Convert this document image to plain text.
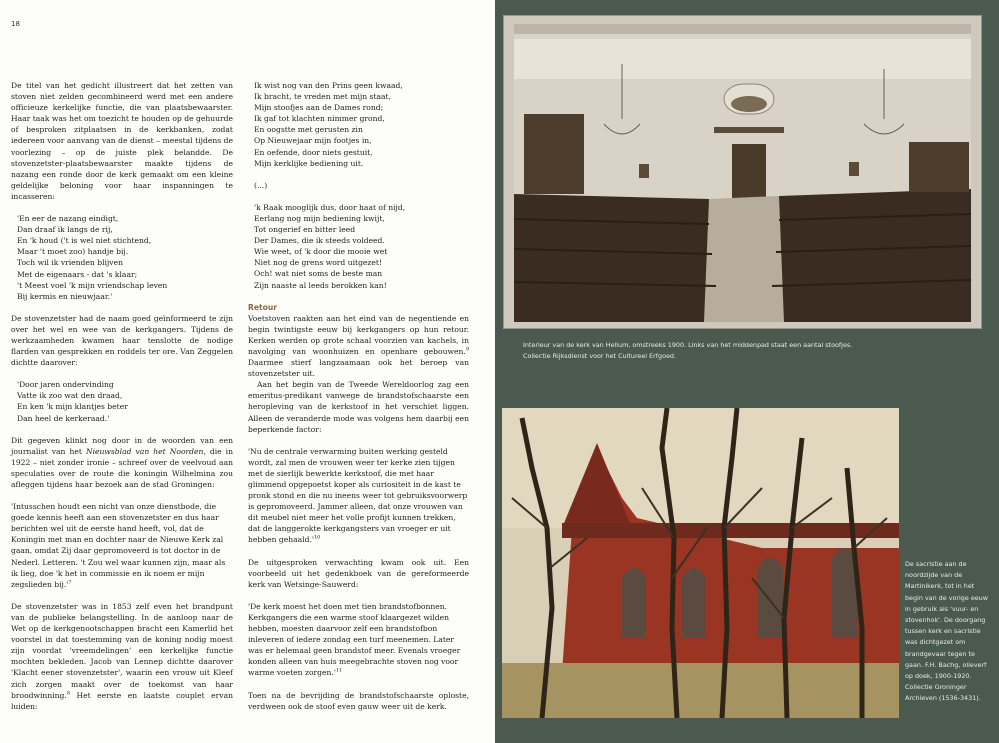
18

De titel van het gedicht illustreert dat het zetten van stoven niet zelden gecombineerd werd met een andere officieuze kerkelijke functie, die van plaatsbewaarster. Haar taak was het om toezicht te houden op de gehuurde of besproken zitplaatsen in de kerkbanken, zodat iedereen voor aanvang van de dienst – meestal tijdens de voorlezing – op de juiste plek belandde. De stovenzetster-plaatsbewaarster maakte tijdens de nazang een ronde door de kerk gemaakt om een kleine geldelijke beloning voor haar inspanningen te incasseren:

'En eer de nazang eindigt,
Dan draaf ik langs de rij,
En 'k houd ('t is wel niet stichtend,
Maar 't moet zoo) handje bij.
Toch wil ik vrienden blijven
Met de eigenaars - dat 's klaar;
't Meest voel 'k mijn vriendschap leven
Bij kermis en nieuwjaar.'

De stovenzetster had de naam goed geïnformeerd te zijn over het wel en wee van de kerkgangers. Tijdens de werkzaamheden kwamen haar tenslotte de nodige flarden van gesprekken en roddels ter ore. Van Zeggelen dichtte daarover:

'Door jaren ondervinding
Vatte ik zoo wat den draad,
En ken 'k mijn klantjes beter
Dan heel de kerkeraad.'

Dit gegeven klinkt nog door in de woorden van een journalist van het Nieuwsblad van het Noorden, die in 1922 – niet zonder ironie – schreef over de veelvoud aan speculaties over de route die koningin Wilhelmina zou afleggen tijdens haar bezoek aan de stad Groningen:

'Intusschen houdt een nicht van onze dienstbode, die goede kennis heeft aan een stovenzetster en dus haar berichten wel uit de eerste hand heeft, vol, dat de Koningin met man en dochter naar de Nieuwe Kerk zal gaan, omdat Zij daar gepromoveerd is tot doctor in de Nederl. Letteren. 't Zou wel waar kunnen zijn, maar als ik lieg, doe 'k het in commissie en ik noem er mijn zegslieden bij.'$^7$

De stovenzetster was in 1853 zelf even het brandpunt van de publieke belangstelling. In de aanloop naar de Wet op de kerkgenootschappen bracht een Kamerlid het voorstel in dat toestemming van de koning nodig moest zijn voordat 'vreemdelingen' een kerkelijke functie mochten bekleden. Jacob van Lennep dichtte daarover 'Klacht eener stovenzetster', waarin een vrouw uit Kleef zich zorgen maakt over de toekomst van haar broodwinning.$^8$ Het eerste en laatste couplet ervan luiden:

Ik wist nog van den Prins geen kwaad,
Ik bracht, te vreden met mijn staat,
Mijn stoofjes aan de Dames rond;
Ik gaf tot klachten nimmer grond,
En oogstte met gerusten zin
Op Nieuwejaar mijn footjes in,
En oefende, door niets gestuit,
Mijn kerklijke bediening uit.
(...)
'k Raak mooglijk dus, door haat of nijd,
Eerlang nog mijn bediening kwijt,
Tot ongerief en bitter leed
Der Dames, die ik steeds voldeed.
Wie weet, of 'k door die mooie wet
Niet nog de grens word uitgezet!
Och! wat niet soms de beste man
Zijn naaste al leeds berokken kan!
Retour

Voetstoven raakten aan het eind van de negentiende en begin twintigste eeuw bij kerkgangers op hun retour. Kerken werden op grote schaal voorzien van kachels, in navolging van woonhuizen en openbare gebouwen.$^9$ Daarmee stierf langzaamaan ook het beroep van stovenzetster uit.

Aan het begin van de Tweede Wereldoorlog zag een emeritus-predikant vanwege de brandstofschaarste een heropleving van de kerkstoof in het verschiet liggen. Alleen de veranderde mode was volgens hem daarbij een beperkende factor:

'Nu de centrale verwarming buiten werking gesteld wordt, zal men de vrouwen weer ter kerke zien tijgen met de sierlijk bewerkte kerkstoof, die met haar glimmend opgepoetst koper als curiositeit in de kast te pronk stond en die nu ineens weer tot gebruiksvoorwerp is gepromoveerd. Jammer alleen, dat onze vrouwen van dit meubel niet meer het volle profijt kunnen trekken, dat de langgerokte kerkgangsters van vroeger er uit hebben gehaald.'$^{10}$

De uitgesproken verwachting kwam ook uit. Een voorbeeld uit het gedenkboek van de gereformeerde kerk van Wetsinge-Sauwerd:

'De kerk moest het doen met tien brandstofbonnen. Kerkgangers die een warme stoof klaargezet wilden hebben, moesten daarvoor zelf een brandstofbon inleveren of iedere zondag een turf meenemen. Later was er helemaal geen brandstof meer. Evenals vroeger konden alleen van huis meegebrachte stoven nog voor warme voeten zorgen.'$^{11}$

Toen na de bevrijding de brandstofschaarste oploste, verdween ook de stoof even gauw weer uit de kerk.

Interieur van de kerk van Hellum, omstreeks 1900. Links van het middenpad staat een aantal stoofjes.
Collectie Rijksdienst voor het Cultureel Erfgoed.
De sacristie aan de noordzijde van de Martinikerk, tot in het begin van de vorige eeuw in gebruik als 'vuur- en stovenhok'. De doorgang tussen kerk en sacristie was dichtgezet om brandgevaar tegen te gaan. F.H. Bachg, olieverf op doek, 1900-1920. Collectie Groninger Archieven (1536-3431).
